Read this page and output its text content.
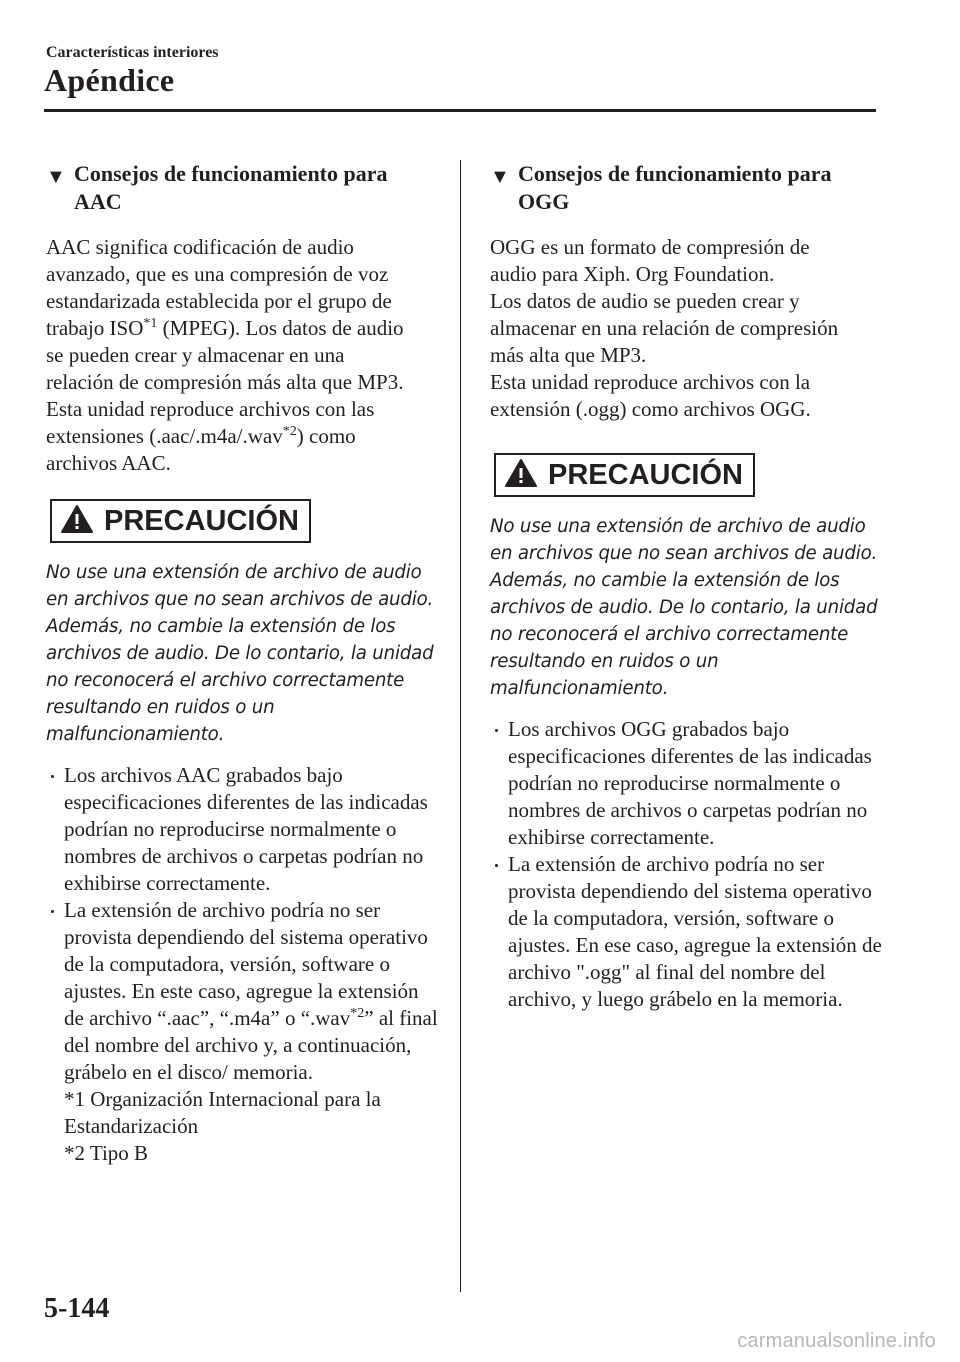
Características interiores
Apéndice
▼ Consejos de funcionamiento para
AAC
AAC significa codificación de audio
avanzado, que es una compresión de voz
estandarizada establecida por el grupo de
trabajo ISO$^{*1}$ (MPEG). Los datos de audio
se pueden crear y almacenar en una
relación de compresión más alta que MP3.
Esta unidad reproduce archivos con las
extensiones (.aac/.m4a/.wav$^{*2}$) como
archivos AAC.
PRECAUCIÓN

No use una extensión de archivo de audio en archivos que no sean archivos de audio. Además, no cambie la extensión de los archivos de audio. De lo contario, la unidad no reconocerá el archivo correctamente resultando en ruidos o un malfuncionamiento.

Los archivos AAC grabados bajo especificaciones diferentes de las indicadas podrían no reproducirse normalmente o nombres de archivos o carpetas podrían no exhibirse correctamente.
La extensión de archivo podría no ser provista dependiendo del sistema operativo de la computadora, versión, software o ajustes. En este caso, agregue la extensión de archivo “.aac”, “.m4a” o “.wav$^{*2}$” al final del nombre del archivo y, a continuación, grábelo en el disco/ memoria.
*1 Organización Internacional para la Estandarización
*2 Tipo B
▼ Consejos de funcionamiento para
OGG
OGG es un formato de compresión de
audio para Xiph. Org Foundation.
Los datos de audio se pueden crear y
almacenar en una relación de compresión
más alta que MP3.
Esta unidad reproduce archivos con la
extensión (.ogg) como archivos OGG.
PRECAUCIÓN

No use una extensión de archivo de audio en archivos que no sean archivos de audio. Además, no cambie la extensión de los archivos de audio. De lo contario, la unidad no reconocerá el archivo correctamente resultando en ruidos o un malfuncionamiento.

Los archivos OGG grabados bajo especificaciones diferentes de las indicadas podrían no reproducirse normalmente o nombres de archivos o carpetas podrían no exhibirse correctamente.
La extensión de archivo podría no ser provista dependiendo del sistema operativo de la computadora, versión, software o ajustes. En ese caso, agregue la extensión de archivo ".ogg" al final del nombre del archivo, y luego grábelo en la memoria.
5-144
carmanualsonline.info
